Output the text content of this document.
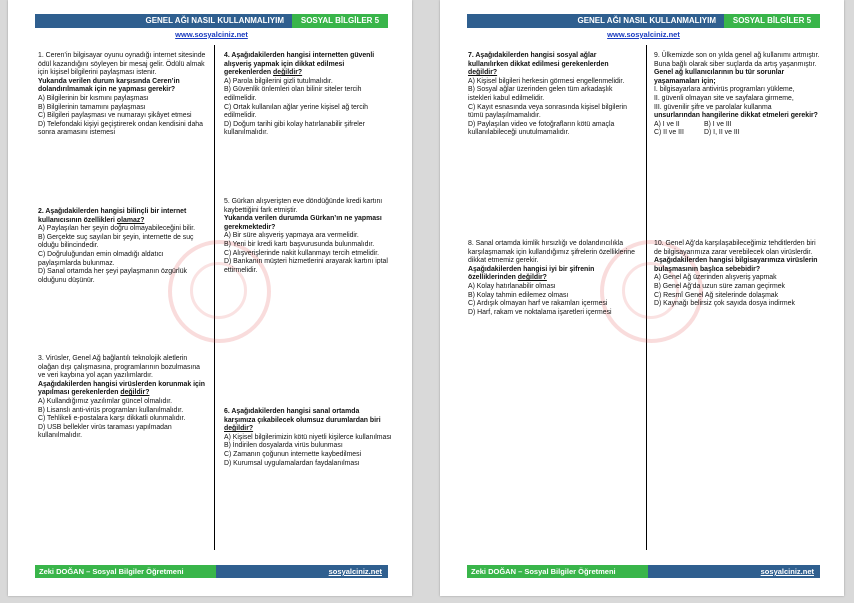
GENEL AĞI NASIL KULLANMALIYIM	SOSYAL BİLGİLER 5
www.sosyalciniz.net

1. Ceren’in bilgisayar oyunu oynadığı internet sitesinde ödül kazandığını söyleyen bir mesaj gelir. Ödülü almak için kişisel bilgilerini paylaşması istenir.

Yukarıda verilen durum karşısında Ceren’in dolandırılmamak için ne yapması gerekir?

A) Bilgilerinin bir kısmını paylaşması

B) Bilgilerinin tamamını paylaşması

C) Bilgileri paylaşması ve numarayı şikâyet etmesi

D) Telefondaki kişiyi geçiştirerek ondan kendisini daha sonra aramasını istemesi

2. Aşağıdakilerden hangisi bilinçli bir internet kullanıcısının özellikleri olamaz?

A) Paylaşılan her şeyin doğru olmayabileceğini bilir.

B) Gerçekte suç sayılan bir şeyin, internette de suç olduğu bilincindedir.

C) Doğruluğundan emin olmadığı aldatıcı paylaşımlarda bulunmaz.

D) Sanal ortamda her şeyi paylaşmanın özgürlük olduğunu düşünür.

3. Virüsler, Genel Ağ bağlantılı teknolojik aletlerin olağan dışı çalışmasına, programlarının bozulmasına ve veri kaybına yol açan yazılımlardır.

Aşağıdakilerden hangisi virüslerden korunmak için yapılması gerekenlerden değildir?

A) Kullandığımız yazılımlar güncel olmalıdır.

B) Lisanslı anti-virüs programları kullanılmalıdır.

C) Tehlikeli e-postalara karşı dikkatli olunmalıdır.

D) USB bellekler virüs taraması yapılmadan kullanılmalıdır.

4. Aşağıdakilerden hangisi internetten güvenli alışveriş yapmak için dikkat edilmesi gerekenlerden değildir?

A) Parola bilgilerini gizli tutulmalıdır.

B) Güvenlik önlemleri olan bilinir siteler tercih edilmelidir.

C) Ortak kullanılan ağlar yerine kişisel ağ tercih edilmelidir.

D) Doğum tarihi gibi kolay hatırlanabilir şifreler kullanılmalıdır.

5. Gürkan alışverişten eve döndüğünde kredi kartını kaybettiğini fark etmiştir.

Yukarıda verilen durumda Gürkan’ın ne yapması gerekmektedir?

A) Bir süre alışveriş yapmaya ara vermelidir.

B) Yeni bir kredi kartı başvurusunda bulunmalıdır.

C) Alışverişlerinde nakit kullanmayı tercih etmelidir.

D) Bankanın müşteri hizmetlerini arayarak kartını iptal ettirmelidir.

6. Aşağıdakilerden hangisi sanal ortamda karşımıza çıkabilecek olumsuz durumlardan biri değildir?

A) Kişisel bilgilerimizin kötü niyetli kişilerce kullanılması

B) İndirilen dosyalarda virüs bulunması

C) Zamanın çoğunun internette kaybedilmesi

D) Kurumsal uygulamalardan faydalanılması

Zeki DOĞAN – Sosyal Bilgiler Öğretmeni	sosyalciniz.net
GENEL AĞI NASIL KULLANMALIYIM	SOSYAL BİLGİLER 5
www.sosyalciniz.net

7. Aşağıdakilerden hangisi sosyal ağlar kullanılırken dikkat edilmesi gerekenlerden değildir?

A) Kişisel bilgileri herkesin görmesi engellenmelidir.

B) Sosyal ağlar üzerinden gelen tüm arkadaşlık istekleri kabul edilmelidir.

C) Kayıt esnasında veya sonrasında kişisel bilgilerin tümü paylaşılmamalıdır.

D) Paylaşılan video ve fotoğrafların kötü amaçla kullanılabileceği unutulmamalıdır.

8. Sanal ortamda kimlik hırsızlığı ve dolandırıcılıkla karşılaşmamak için kullandığımız şifrelerin özelliklerine dikkat etmemiz gerekir.

Aşağıdakilerden hangisi iyi bir şifrenin özelliklerinden değildir?

A) Kolay hatırlanabilir olması

B) Kolay tahmin edilemez olması

C) Ardışık olmayan harf ve rakamları içermesi

D) Harf, rakam ve noktalama işaretleri içermesi

9. Ülkemizde son on yılda genel ağ kullanımı artmıştır. Buna bağlı olarak siber suçlarda da artış yaşanmıştır.

Genel ağ kullanıcılarının bu tür sorunlar yaşamamaları için;

I. bilgisayarlara antivirüs programları yükleme,

II. güvenli olmayan site ve sayfalara girmeme,

III. güvenilir şifre ve parolalar kullanma

unsurlarından hangilerine dikkat etmeleri gerekir?

A) I ve II	B) I ve III
C) II ve III	D) I, II ve III

10. Genel Ağ’da karşılaşabileceğimiz tehditlerden biri de bilgisayarımıza zarar verebilecek olan virüslerdir.

Aşağıdakilerden hangisi bilgisayarımıza virüslerin bulaşmasının başlıca sebebidir?

A) Genel Ağ üzerinden alışveriş yapmak

B) Genel Ağ’da uzun süre zaman geçirmek

C) Resmî Genel Ağ sitelerinde dolaşmak

D) Kaynağı belirsiz çok sayıda dosya indirmek

Zeki DOĞAN – Sosyal Bilgiler Öğretmeni	sosyalciniz.net
